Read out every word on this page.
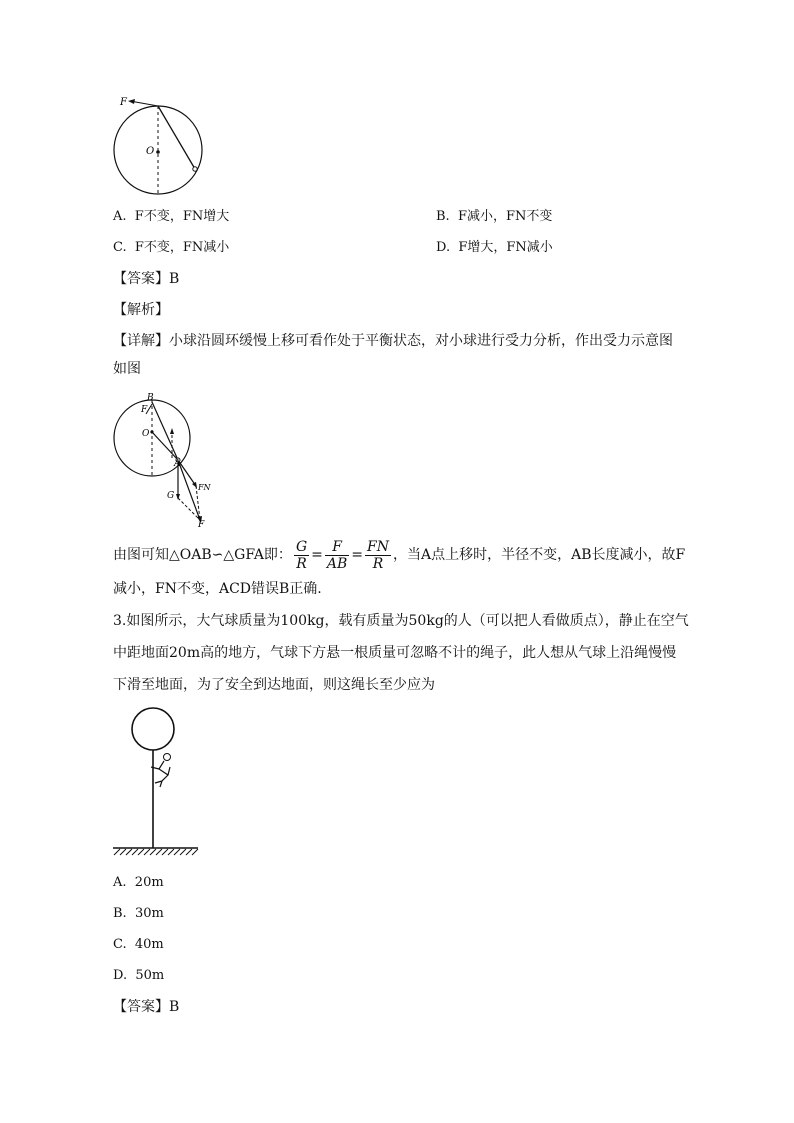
F
O
A. F不变，FN增大	B. F减小，FN不变
C. F不变，FN减小	D. F增大，FN减小
【答案】B
【解析】
【详解】小球沿圆环缓慢上移可看作处于平衡状态，对小球进行受力分析，作出受力示意图
如图
B
F
O
A
FN
G
F
由图可知△OAB∽△GFA即： $\frac{G}{R} = \frac{F}{AB} = \frac{FN}{R}$ ，当A点上移时，半径不变，AB长度减小，故F
减小，FN不变，ACD错误B正确.
3.如图所示，大气球质量为100kg，载有质量为50kg的人（可以把人看做质点），静止在空气
中距地面20m高的地方，气球下方悬一根质量可忽略不计的绳子，此人想从气球上沿绳慢慢
下滑至地面，为了安全到达地面，则这绳长至少应为
A. 20m
B. 30m
C. 40m
D. 50m
【答案】B
